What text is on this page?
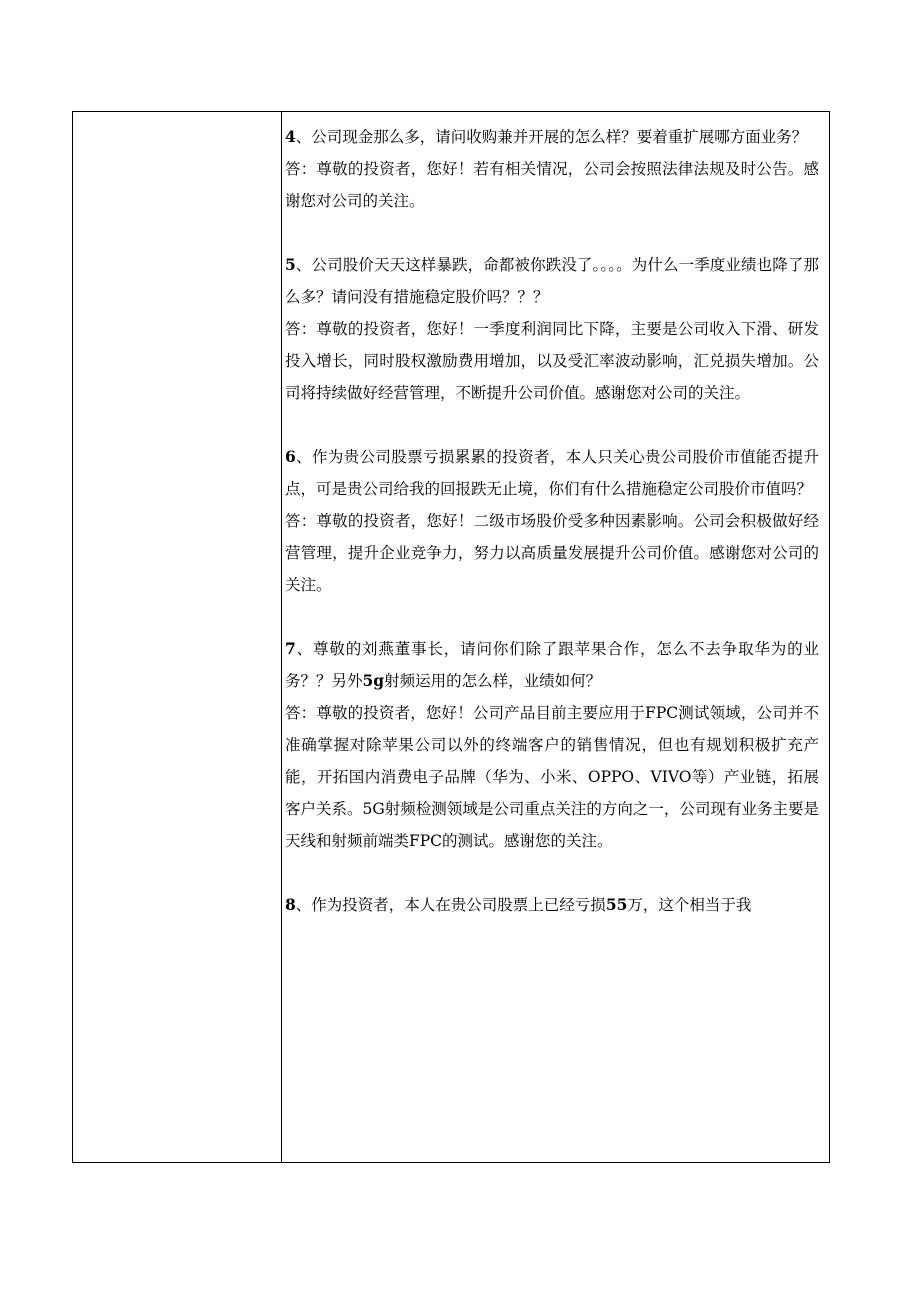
4、公司现金那么多，请问收购兼并开展的怎么样？要着重扩展哪方面业务？

答：尊敬的投资者，您好！若有相关情况，公司会按照法律法规及时公告。感谢您对公司的关注。

5、公司股价天天这样暴跌，命都被你跌没了。。。。为什么一季度业绩也降了那么多？请问没有措施稳定股价吗？？？

答：尊敬的投资者，您好！一季度利润同比下降，主要是公司收入下滑、研发投入增长，同时股权激励费用增加，以及受汇率波动影响，汇兑损失增加。公司将持续做好经营管理，不断提升公司价值。感谢您对公司的关注。

6、作为贵公司股票亏损累累的投资者，本人只关心贵公司股价市值能否提升点，可是贵公司给我的回报跌无止境，你们有什么措施稳定公司股价市值吗？

答：尊敬的投资者，您好！二级市场股价受多种因素影响。公司会积极做好经营管理，提升企业竞争力，努力以高质量发展提升公司价值。感谢您对公司的关注。

7、尊敬的刘燕董事长，请问你们除了跟苹果合作，怎么不去争取华为的业务？？另外5g射频运用的怎么样，业绩如何？

答：尊敬的投资者，您好！公司产品目前主要应用于FPC测试领域，公司并不准确掌握对除苹果公司以外的终端客户的销售情况，但也有规划积极扩充产能，开拓国内消费电子品牌（华为、小米、OPPO、VIVO等）产业链，拓展客户关系。5G射频检测领域是公司重点关注的方向之一，公司现有业务主要是天线和射频前端类FPC的测试。感谢您的关注。

8、作为投资者，本人在贵公司股票上已经亏损55万，这个相当于我
